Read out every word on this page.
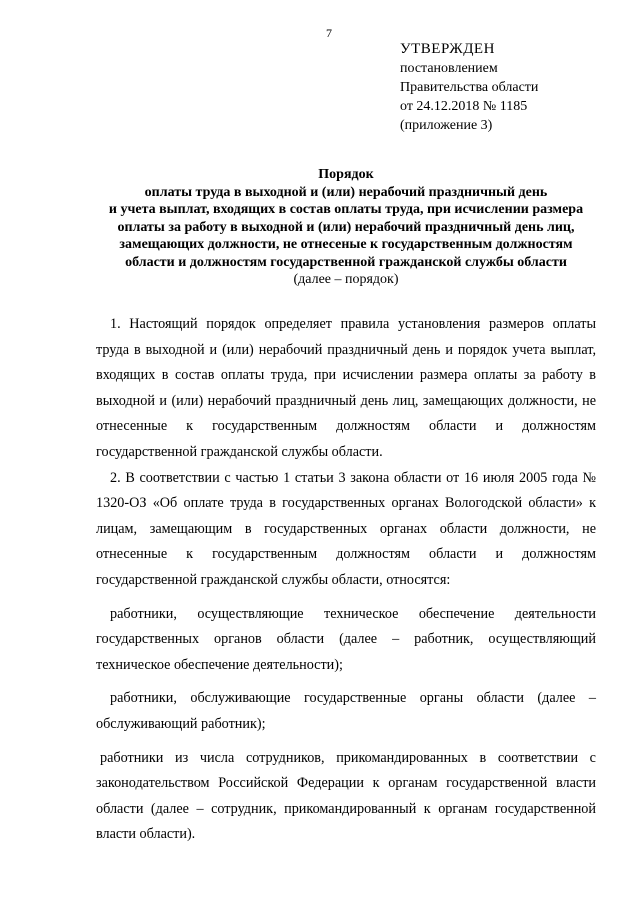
7
УТВЕРЖДЕН
постановлением
Правительства области
от 24.12.2018 № 1185
(приложение 3)
Порядок
оплаты труда в выходной и (или) нерабочий праздничный день
и учета выплат, входящих в состав оплаты труда, при исчислении размера оплаты за работу в выходной и (или) нерабочий праздничный день лиц, замещающих должности, не отнесеные к государственным должностям области и должностям государственной гражданской службы области
(далее – порядок)

1. Настоящий порядок определяет правила установления размеров оплаты труда в выходной и (или) нерабочий праздничный день и порядок учета выплат, входящих в состав оплаты труда, при исчислении размера оплаты за работу в выходной и (или) нерабочий праздничный день лиц, замещающих должности, не отнесенные к государственным должностям области и должностям государственной гражданской службы области.

2. В соответствии с частью 1 статьи 3 закона области от 16 июля 2005 года № 1320-ОЗ «Об оплате труда в государственных органах Вологодской области» к лицам, замещающим в государственных органах области должности, не отнесенные к государственным должностям области и должностям государственной гражданской службы области, относятся:

работники, осуществляющие техническое обеспечение деятельности государственных органов области (далее – работник, осуществляющий техническое обеспечение деятельности);

работники, обслуживающие государственные органы области (далее – обслуживающий работник);

работники из числа сотрудников, прикомандированных в соответствии с законодательством Российской Федерации к органам государственной власти области (далее – сотрудник, прикомандированный к органам государственной власти области).
